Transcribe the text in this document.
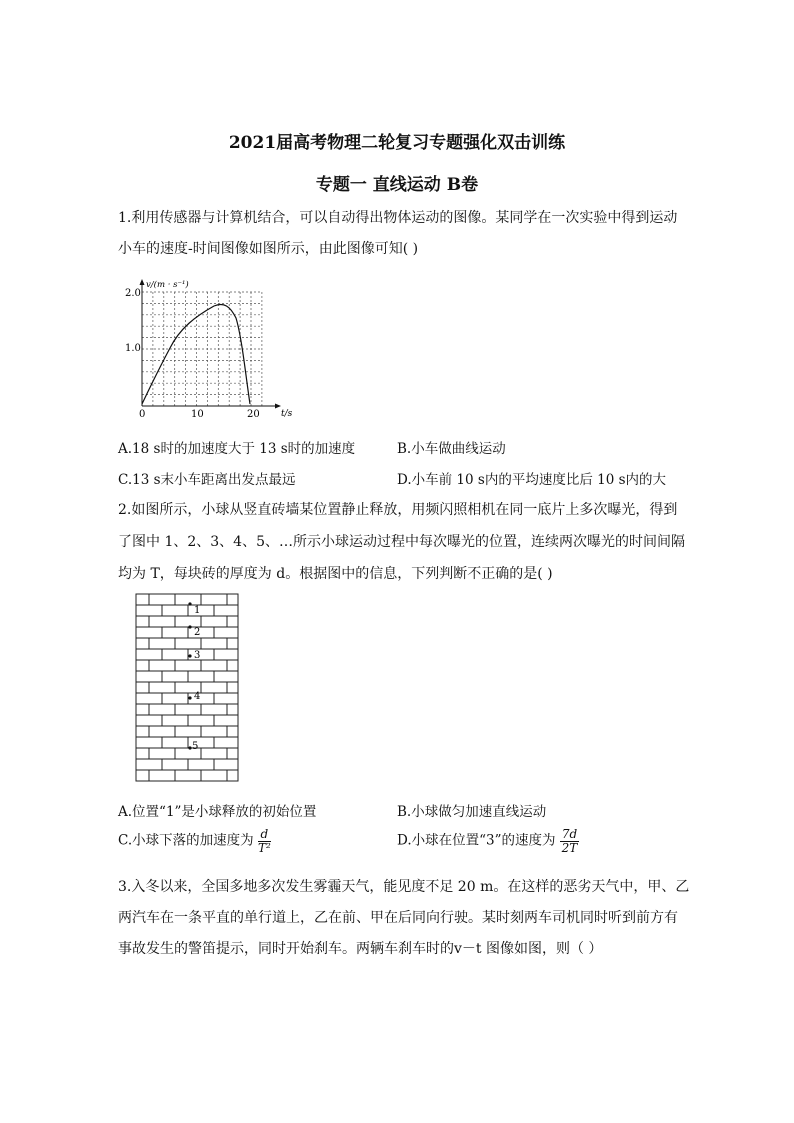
2021届高考物理二轮复习专题强化双击训练
专题一 直线运动 B卷
1.利用传感器与计算机结合，可以自动得出物体运动的图像。某同学在一次实验中得到运动
小车的速度-时间图像如图所示，由此图像可知( )
v/(m · s⁻¹)
t/s
2.0
1.0
0	10	20
A.18 s时的加速度大于 13 s时的加速度	B.小车做曲线运动
C.13 s末小车距离出发点最远	D.小车前 10 s内的平均速度比后 10 s内的大
2.如图所示，小球从竖直砖墙某位置静止释放，用频闪照相机在同一底片上多次曝光，得到
了图中 1、2、3、4、5、…所示小球运动过程中每次曝光的位置，连续两次曝光的时间间隔
均为 T，每块砖的厚度为 d。根据图中的信息，下列判断不正确的是( )
1
2
3
4
5
A.位置“1”是小球释放的初始位置	B.小球做匀加速直线运动
C.小球下落的加速度为 $\frac{d}{\text{T²}}$	D.小球在位置“3”的速度为 $\frac{7d}{2T}$
3.入冬以来，全国多地多次发生雾霾天气，能见度不足 20 m。在这样的恶劣天气中，甲、乙
两汽车在一条平直的单行道上，乙在前、甲在后同向行驶。某时刻两车司机同时听到前方有
事故发生的警笛提示，同时开始刹车。两辆车刹车时的v－t 图像如图，则（ ）
